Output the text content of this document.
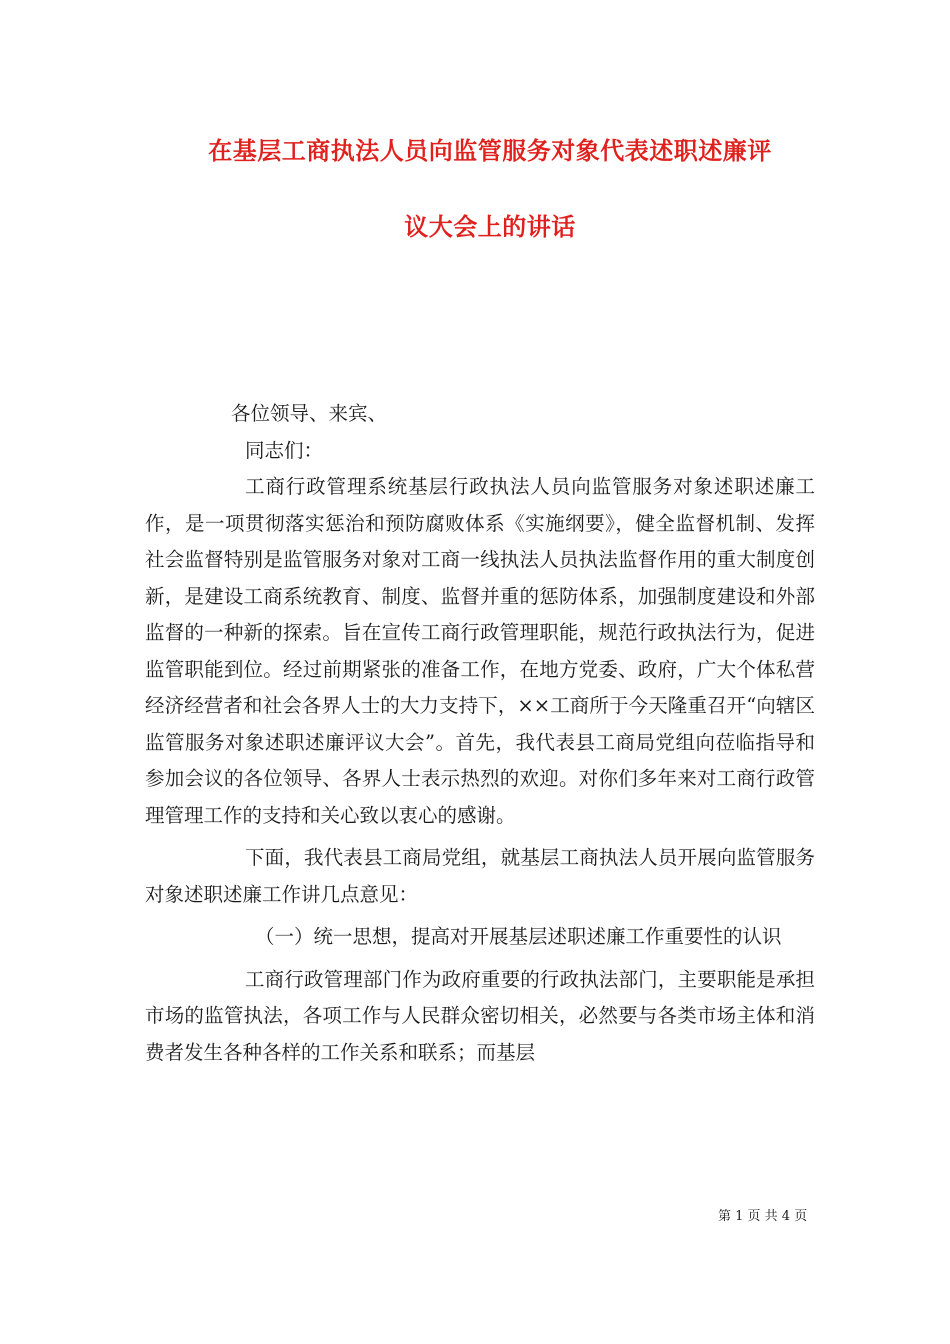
在基层工商执法人员向监管服务对象代表述职述廉评
议大会上的讲话

各位领导、来宾、

同志们：

工商行政管理系统基层行政执法人员向监管服务对象述职述廉工作，是一项贯彻落实惩治和预防腐败体系《实施纲要》，健全监督机制、发挥社会监督特别是监管服务对象对工商一线执法人员执法监督作用的重大制度创新，是建设工商系统教育、制度、监督并重的惩防体系，加强制度建设和外部监督的一种新的探索。旨在宣传工商行政管理职能，规范行政执法行为，促进监管职能到位。经过前期紧张的准备工作，在地方党委、政府，广大个体私营经济经营者和社会各界人士的大力支持下，××工商所于今天隆重召开“向辖区监管服务对象述职述廉评议大会”。首先，我代表县工商局党组向莅临指导和参加会议的各位领导、各界人士表示热烈的欢迎。对你们多年来对工商行政管理管理工作的支持和关心致以衷心的感谢。

下面，我代表县工商局党组，就基层工商执法人员开展向监管服务对象述职述廉工作讲几点意见：

（一）统一思想，提高对开展基层述职述廉工作重要性的认识

工商行政管理部门作为政府重要的行政执法部门，主要职能是承担市场的监管执法，各项工作与人民群众密切相关，必然要与各类市场主体和消费者发生各种各样的工作关系和联系；而基层

第 1 页 共 4 页
